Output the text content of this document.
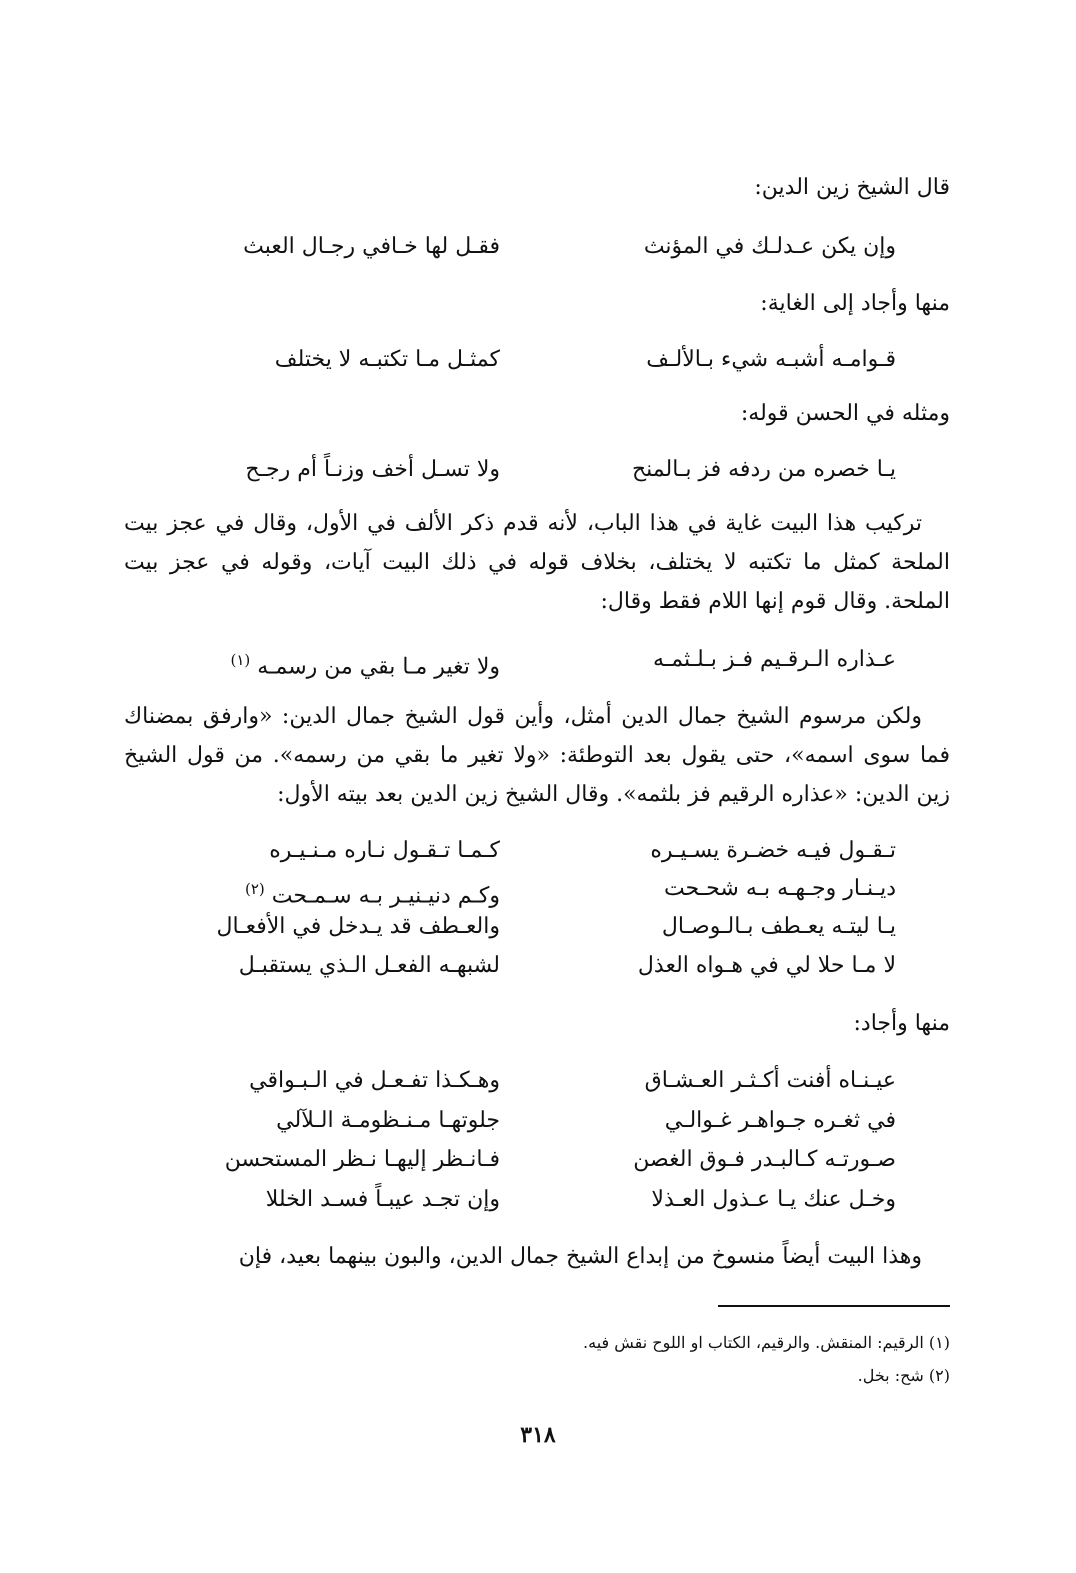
قال الشيخ زين الدين:
وإن يكن عـدلـك في المؤنث
فقـل لها خـافي رجـال العبث
منها وأجاد إلى الغاية:
قـوامـه أشبـه شيء بـالألـف
كمثـل مـا تكتبـه لا يختلف
ومثله في الحسن قوله:
يـا خصره من ردفه فز بـالمنح
ولا تسـل أخف وزنـاً أم رجـح
تركيب هذا البيت غاية في هذا الباب، لأنه قدم ذكر الألف في الأول، وقال في عجز بيت الملحة كمثل ما تكتبه لا يختلف، بخلاف قوله في ذلك البيت آيات، وقوله في عجز بيت الملحة. وقال قوم إنها اللام فقط وقال:
عـذاره الـرقـيم فـز بـلـثمـه
ولا تغير مـا بقي من رسمـه $^{(١)}$
ولكن مرسوم الشيخ جمال الدين أمثل، وأين قول الشيخ جمال الدين: «وارفق بمضناك فما سوى اسمه»، حتى يقول بعد التوطئة: «ولا تغير ما بقي من رسمه». من قول الشيخ زين الدين: «عذاره الرقيم فز بلثمه». وقال الشيخ زين الدين بعد بيته الأول:
تـقـول فيـه خضـرة يسـيـره
كـمـا تـقـول نـاره مـنـيـره
ديـنـار وجـهـه بـه شحـحت
وكـم دنيـنيـر بـه سـمـحت $^{(٢)}$
يـا ليتـه يعـطف بـالـوصـال
والعـطف قد يـدخل في الأفعـال
لا مـا حلا لي في هـواه العذل
لشبهـه الفعـل الـذي يستقبـل
منها وأجاد:
عيـنـاه أفنت أكـثـر العـشـاق
وهـكـذا تفـعـل في الـبـواقي
في ثغـره جـواهـر غـوالـي
جلوتهـا مـنـظومـة الـلآلي
صـورتـه كـالبـدر فـوق الغصن
فـانـظر إليهـا نـظر المستحسن
وخـل عنك يـا عـذول العـذلا
وإن تجـد عيبـاً فسـد الخللا
وهذا البيت أيضاً منسوخ من إبداع الشيخ جمال الدين، والبون بينهما بعيد، فإن
(١) الرقيم: المنقش. والرقيم، الكتاب او اللوح نقش فيه.
(٢) شح: بخل.
٣١٨
